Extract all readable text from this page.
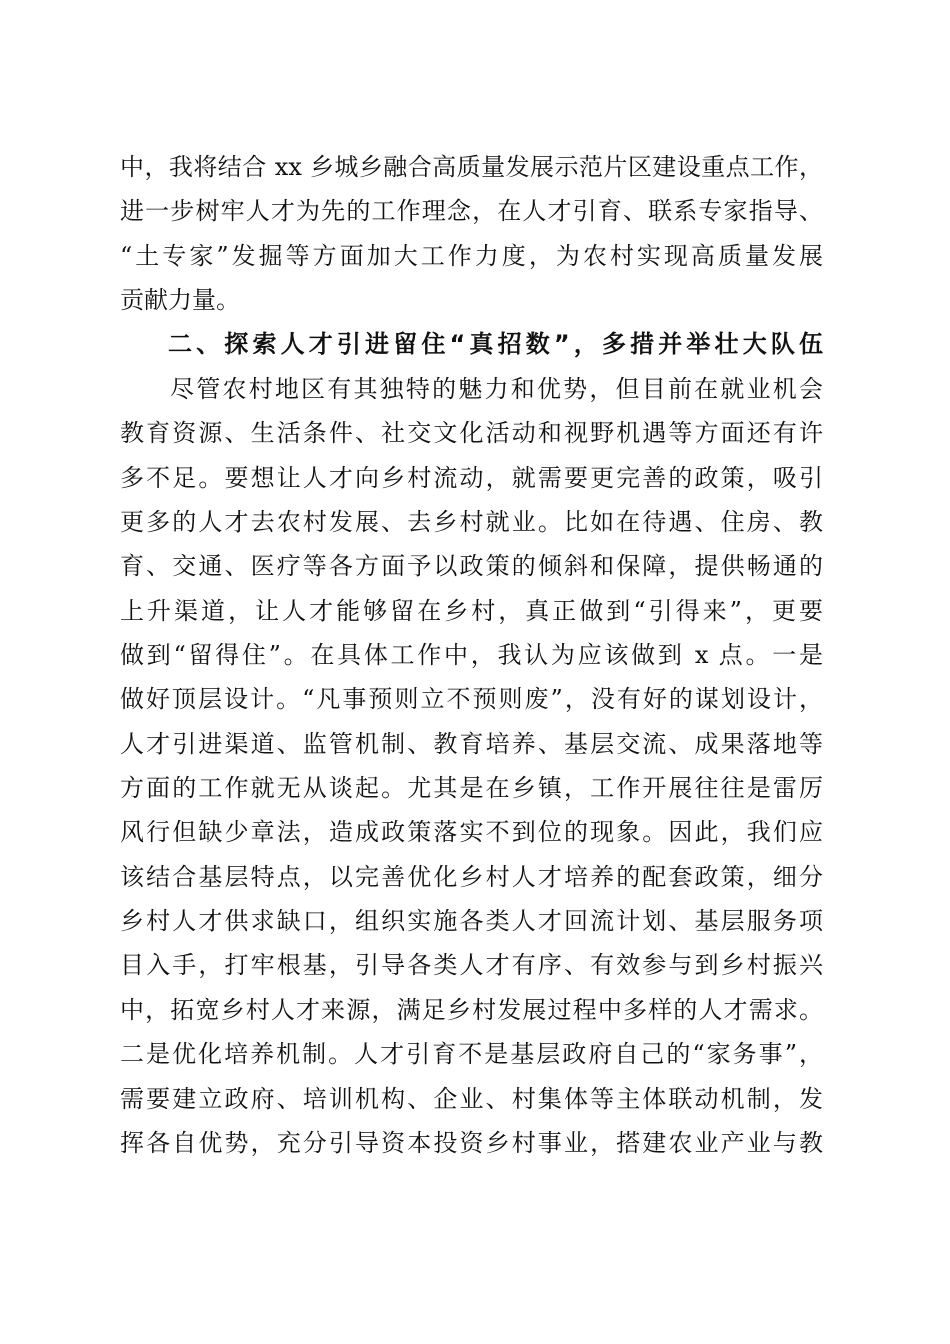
中，我将结合 xx 乡城乡融合高质量发展示范片区建设重点工作，
进一步树牢人才为先的工作理念，在人才引育、联系专家指导、
“土专家”发掘等方面加大工作力度，为农村实现高质量发展
贡献力量。
二、探索人才引进留住“真招数”，多措并举壮大队伍
尽管农村地区有其独特的魅力和优势，但目前在就业机会
教育资源、生活条件、社交文化活动和视野机遇等方面还有许
多不足。要想让人才向乡村流动，就需要更完善的政策，吸引
更多的人才去农村发展、去乡村就业。比如在待遇、住房、教
育、交通、医疗等各方面予以政策的倾斜和保障，提供畅通的
上升渠道，让人才能够留在乡村，真正做到“引得来”，更要
做到“留得住”。在具体工作中，我认为应该做到 x 点。一是
做好顶层设计。“凡事预则立不预则废”，没有好的谋划设计，
人才引进渠道、监管机制、教育培养、基层交流、成果落地等
方面的工作就无从谈起。尤其是在乡镇，工作开展往往是雷厉
风行但缺少章法，造成政策落实不到位的现象。因此，我们应
该结合基层特点，以完善优化乡村人才培养的配套政策，细分
乡村人才供求缺口，组织实施各类人才回流计划、基层服务项
目入手，打牢根基，引导各类人才有序、有效参与到乡村振兴
中，拓宽乡村人才来源，满足乡村发展过程中多样的人才需求。
二是优化培养机制。人才引育不是基层政府自己的“家务事”，
需要建立政府、培训机构、企业、村集体等主体联动机制，发
挥各自优势，充分引导资本投资乡村事业，搭建农业产业与教
